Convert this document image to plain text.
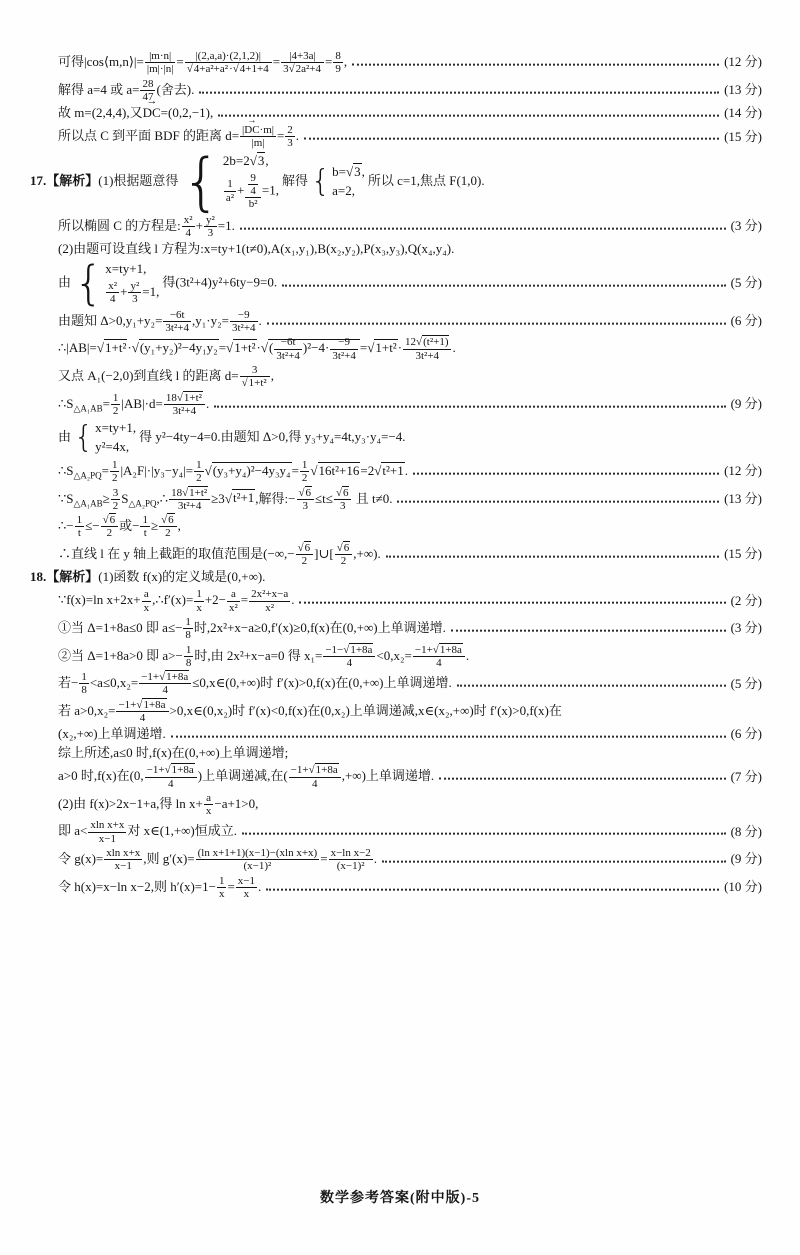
可得|cos⟨m,n⟩|= $\frac{|m\cdot n|}{|m|\cdot|n|} = \frac{|(2,a,a)\cdot(2,1,2)|}{\text{√4+a²+a²·√4+1+4}} = \frac{|4+3a|}{\text{3√2a²+4}} = \frac{8}{9}$ ,	(12 分)
解得 a=4 或 $a= \frac{28}{47}$ (舍去).	(13 分)
故 m=(2,4,4),又DC →=(0,2,−1),	(14 分)
所以点 C 到平面 BDF 的距离 $d= \frac{|DC \to\cdot m|}{|m|} = \frac{2}{3}$ .	(15 分)
17.【解析】(1)根据题意得
{ 2b=2√3,
$\frac{1}{\text{a²}} + \frac{\frac{9}{4}}{\text{b²}} =1$,
解得
{ b=√3,
a=2,
所以 c=1,焦点 F(1,0).
所以椭圆 C 的方程是: $\frac{\text{x²}}{4} + \frac{\text{y²}}{3} =1$.	(3 分)
(2)由题可设直线 l 方程为:x=ty+1(t≠0),A(x₁,y₁),B(x₂,y₂),P(x₃,y₃),Q(x₄,y₄).
由
{ x=ty+1,
$\frac{\text{x²}}{4} + \frac{\text{y²}}{3} =1$,
得(3t²+4)y²+6ty−9=0.	(5 分)
由题知 $\Delta>0,y_1+y_2= \frac{-6t}{\text{3t²+4}} ,y_1\cdot y_2= \frac{-9}{\text{3t²+4}}$ .	(6 分)
∴|AB|=√1+t²·√(y₁+y₂)²−4y₁y₂=√1+t²·√( $\frac{-6t}{\text{3t²+4}} )^2-4\cdot \frac{-9}{\text{3t²+4}} =√1+t^2\cdot \frac{\text{12√(t²+1)}}{\text{3t²+4}}$ .
又点 A₁(−2,0)到直线 l 的距离 $d= \frac{3}{\text{√1+t²}}$ ,
$\therefore S_{\triangle A_1AB}= \frac{1}{2} |AB|\cdot d= \frac{\text{18√1+t²}}{\text{3t²+4}}$ .	(9 分)
由
{ x=ty+1,
y²=4x,
得 y²−4ty−4=0.由题知 Δ>0,得 y₃+y₄=4t,y₃·y₄=−4.
$\therefore S_{\triangle A_2PQ}= \frac{1}{2} |A_2F|\cdot|y_3-y_4|= \frac{1}{2} √(y_3+y_4)^2-4y_3y_4= \frac{1}{2} √16t^2+16=2√t^2+1$.	(12 分)
$\because S_{\triangle A_1AB}\ge \frac{3}{2}$ $S_{\triangle A_2PQ},\therefore \frac{\text{18√1+t²}}{\text{3t²+4}} \ge 3√t^2+1$,解得:− $\frac{√6}{3} \le t\le \frac{√6}{3}$ 且 t≠0.	(13 分)
∴− $\frac{1}{t} \le- \frac{√6}{2}$ 或− $\frac{1}{t} \ge \frac{√6}{2}$ ,
∴直线 l 在 y 轴上截距的取值范围是(−∞,− $\frac{√6}{2}$ ]∪[ $\frac{√6}{2}$ ,+∞).	(15 分)
18.【解析】(1)函数 f(x)的定义域是(0,+∞).
∵f(x)=ln $x+2x+ \frac{a}{x}$ ,∴f′(x)= $\frac{1}{x} +2- \frac{a}{\text{x²}} = \frac{\text{2x²+x−a}}{\text{x²}}$ .	(2 分)
①当 Δ=1+8a≤0 即 $a\le- \frac{1}{8}$ 时,2x²+x−a≥0,f′(x)≥0,f(x)在(0,+∞)上单调递增.	(3 分)
②当 Δ=1+8a>0 即 $a>- \frac{1}{8}$ 时,由 2x²+x−a=0 得 $x_1= \frac{-1-√1+8a}{4} <0,x_2= \frac{-1+√1+8a}{4}$ .
若− $\frac{1}{8} <a\le 0,x_2= \frac{-1+√1+8a}{4}$ ≤0,x∈(0,+∞)时 f′(x)>0,f(x)在(0,+∞)上单调递增.	(5 分)
若 $a>0,x_2= \frac{-1+√1+8a}{4}$ >0,x∈(0,x₂)时 f′(x)<0,f(x)在(0,x₂)上单调递减,x∈(x₂,+∞)时 f′(x)>0,f(x)在
(x₂,+∞)上单调递增.	(6 分)
综上所述,a≤0 时,f(x)在(0,+∞)上单调递增;
a>0 时,f(x)在(0, $\frac{-1+√1+8a}{4}$ )上单调递减,在( $\frac{-1+√1+8a}{4}$ ,+∞)上单调递增.	(7 分)
(2)由 f(x)>2x−1+a,得 $\ln x+ \frac{a}{x} -a+1>0$,
即 $a< \frac{\text{xln x+x}}{x-1}$ 对 x∈(1,+∞)恒成立.	(8 分)
令 $g(x)= \frac{\text{xln x+x}}{x-1}$ ,则 $g'(x)= \frac{\text{(ln x+1+1)(x−1)−(xln x+x)}}{\text{(x−1)²}} = \frac{\text{x−ln x−2}}{\text{(x−1)²}}$ .	(9 分)
令 h(x)=x−ln x−2,则 $h'(x)=1- \frac{1}{x} = \frac{x-1}{x}$ .	(10 分)
数学参考答案(附中版)-5
